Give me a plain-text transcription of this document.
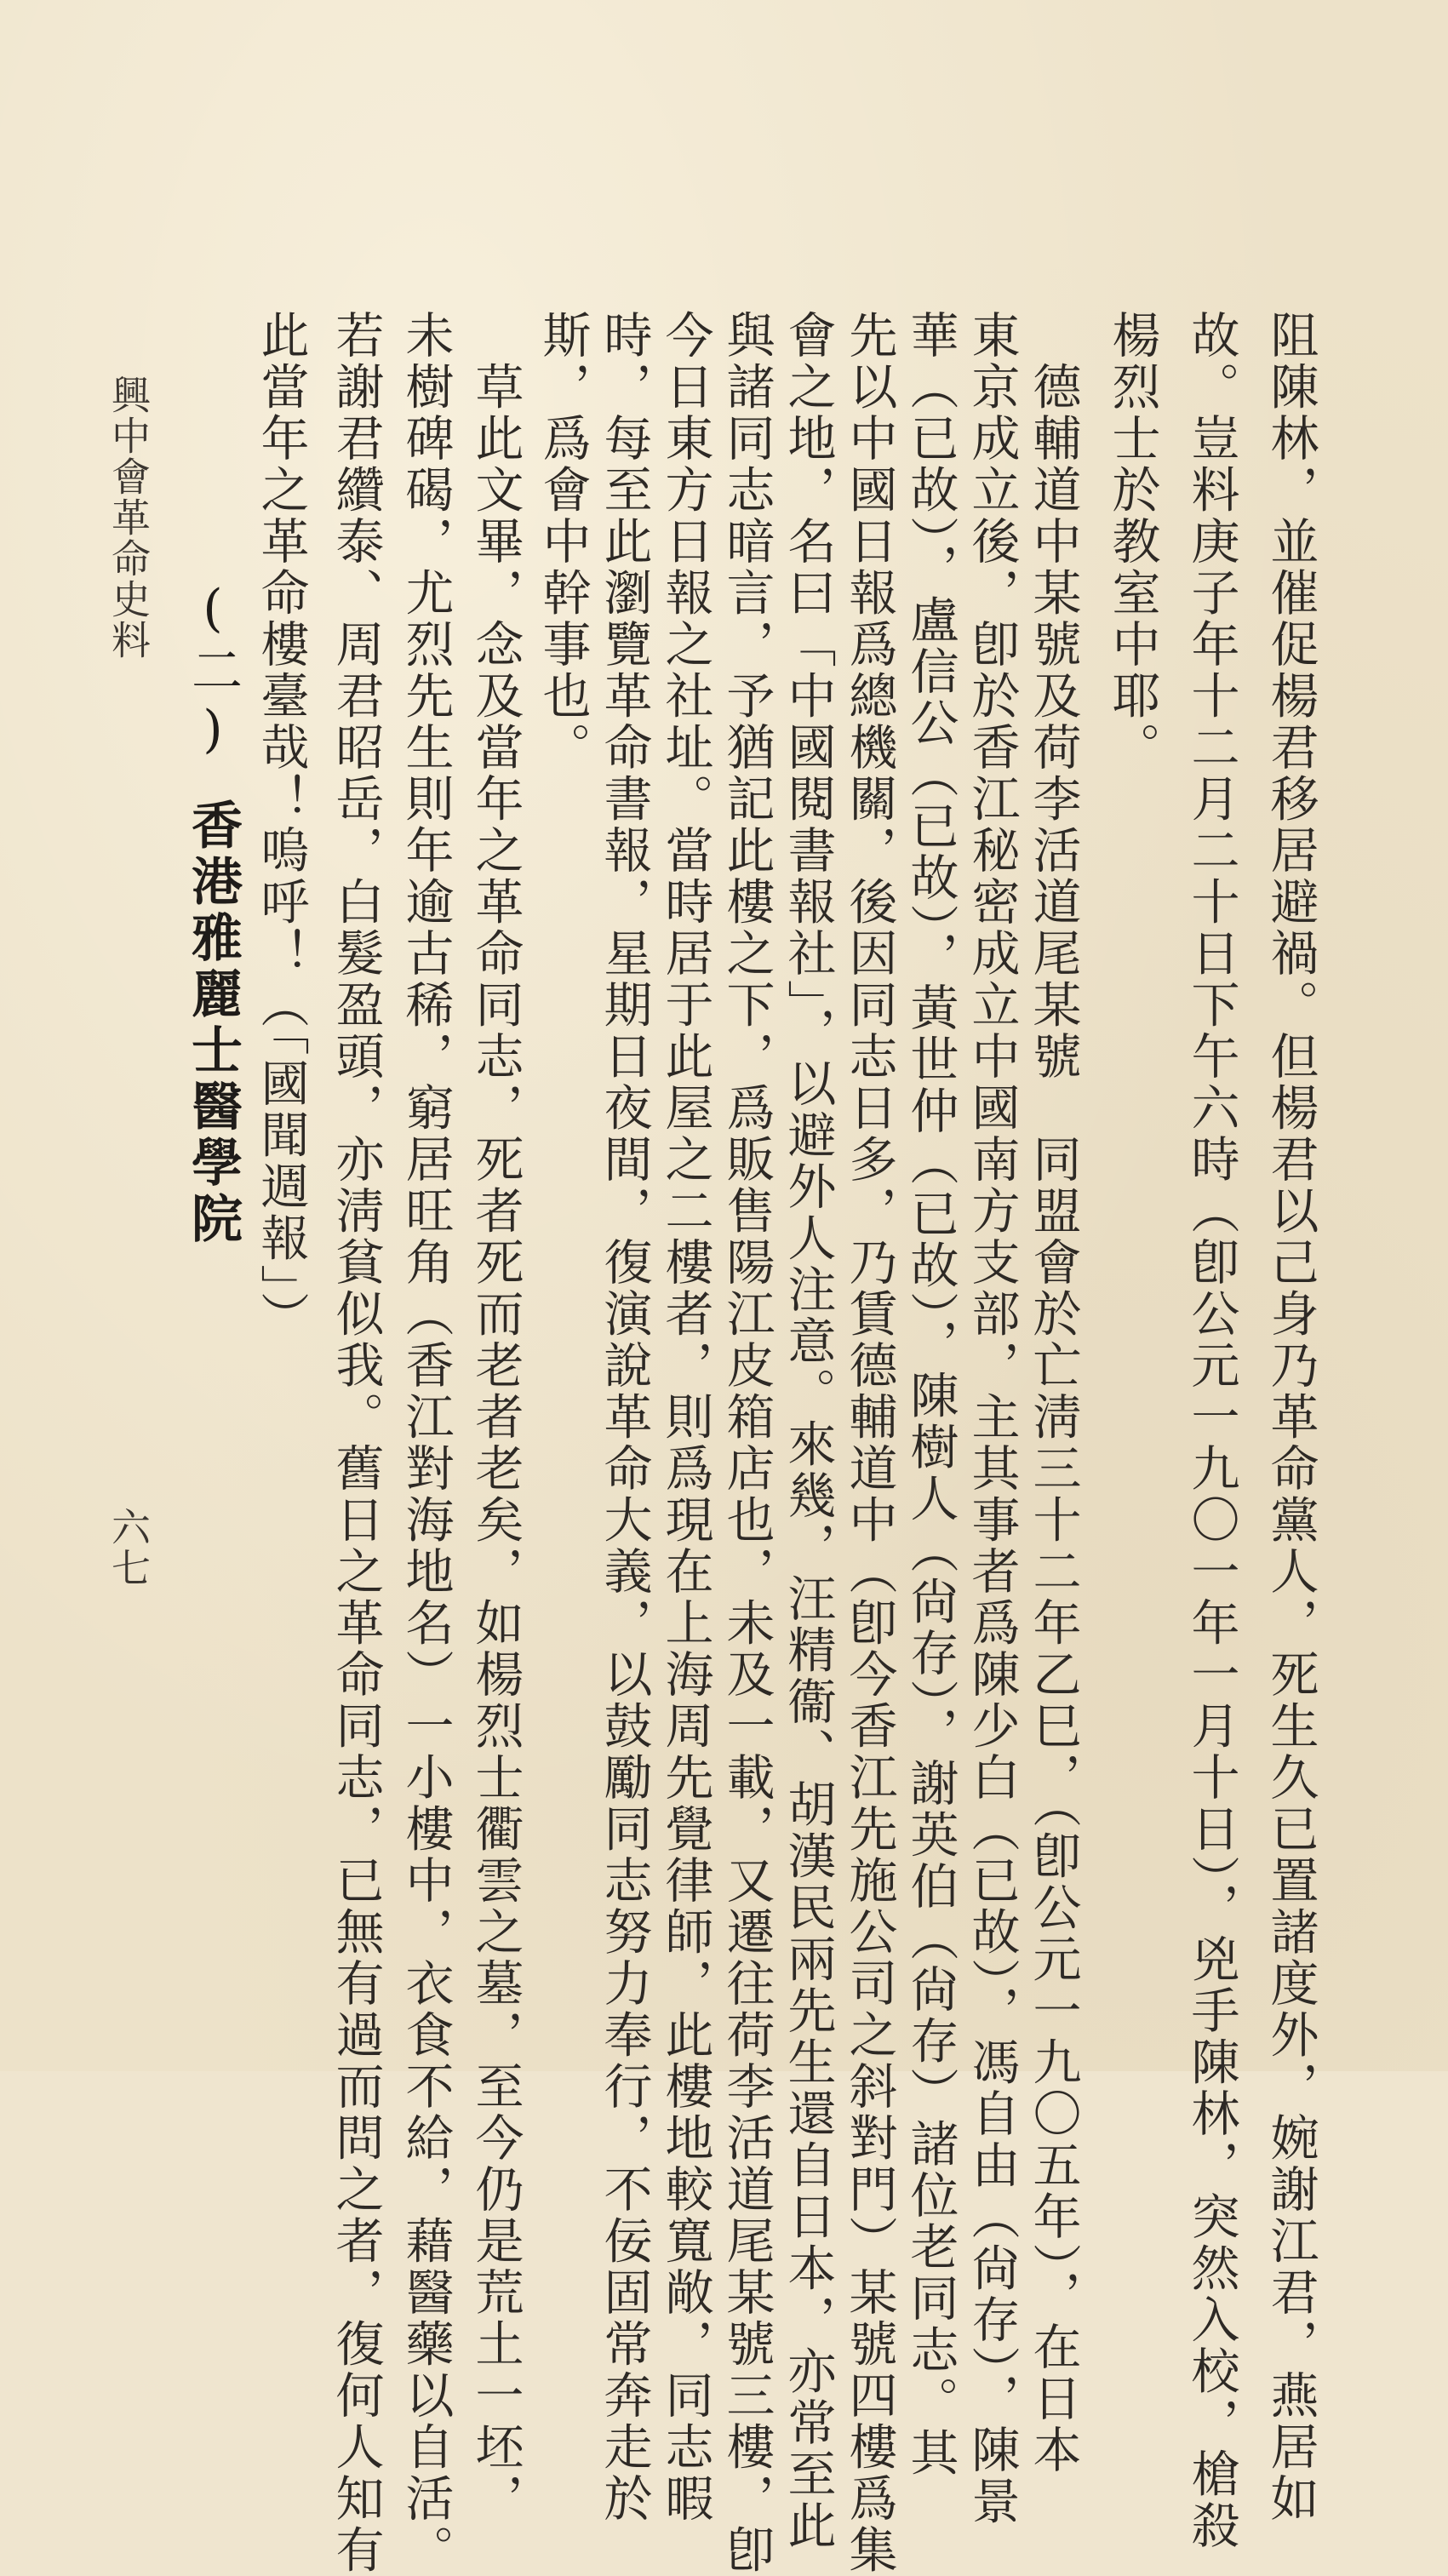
阻陳林，並催促楊君移居避禍。但楊君以己身乃革命黨人，死生久已置諸度外，婉謝江君，燕居如
故。豈料庚子年十二月二十日下午六時（卽公元一九〇一年一月十日），兇手陳林，突然入校，槍殺
楊烈士於教室中耶。
　德輔道中某號及荷李活道尾某號　同盟會於亡淸三十二年乙巳，（卽公元一九〇五年），在日本
東京成立後，卽於香江秘密成立中國南方支部，主其事者爲陳少白（已故），馮自由（尙存），陳景
華（已故），盧信公（已故），黃世仲（已故），陳樹人（尙存），謝英伯（尙存）諸位老同志。其
先以中國日報爲總機關，後因同志日多，乃賃德輔道中（卽今香江先施公司之斜對門）某號四樓爲集
會之地，名曰「中國閱書報社」，以避外人注意。來幾，汪精衞、胡漢民兩先生還自日本，亦常至此
與諸同志暗言，予猶記此樓之下，爲販售陽江皮箱店也，未及一載，又遷往荷李活道尾某號三樓，卽
今日東方日報之社址。當時居于此屋之二樓者，則爲現在上海周先覺律師，此樓地較寬敞，同志暇
時，每至此瀏覽革命書報，星期日夜間，復演說革命大義，以鼓勵同志努力奉行，不佞固常奔走於
斯，爲會中幹事也。
　草此文畢，念及當年之革命同志，死者死而老者老矣，如楊烈士衢雲之墓，至今仍是荒土一坯，
未樹碑碣，尤烈先生則年逾古稀，窮居旺角（香江對海地名）一小樓中，衣食不給，藉醫藥以自活。
若謝君纘泰、周君昭岳，白髮盈頭，亦淸貧似我。舊日之革命同志，已無有過而問之者，復何人知有
此當年之革命樓臺哉！嗚呼！（「國聞週報」）
(二)香港雅麗士醫學院
興中會革命史料
六七
